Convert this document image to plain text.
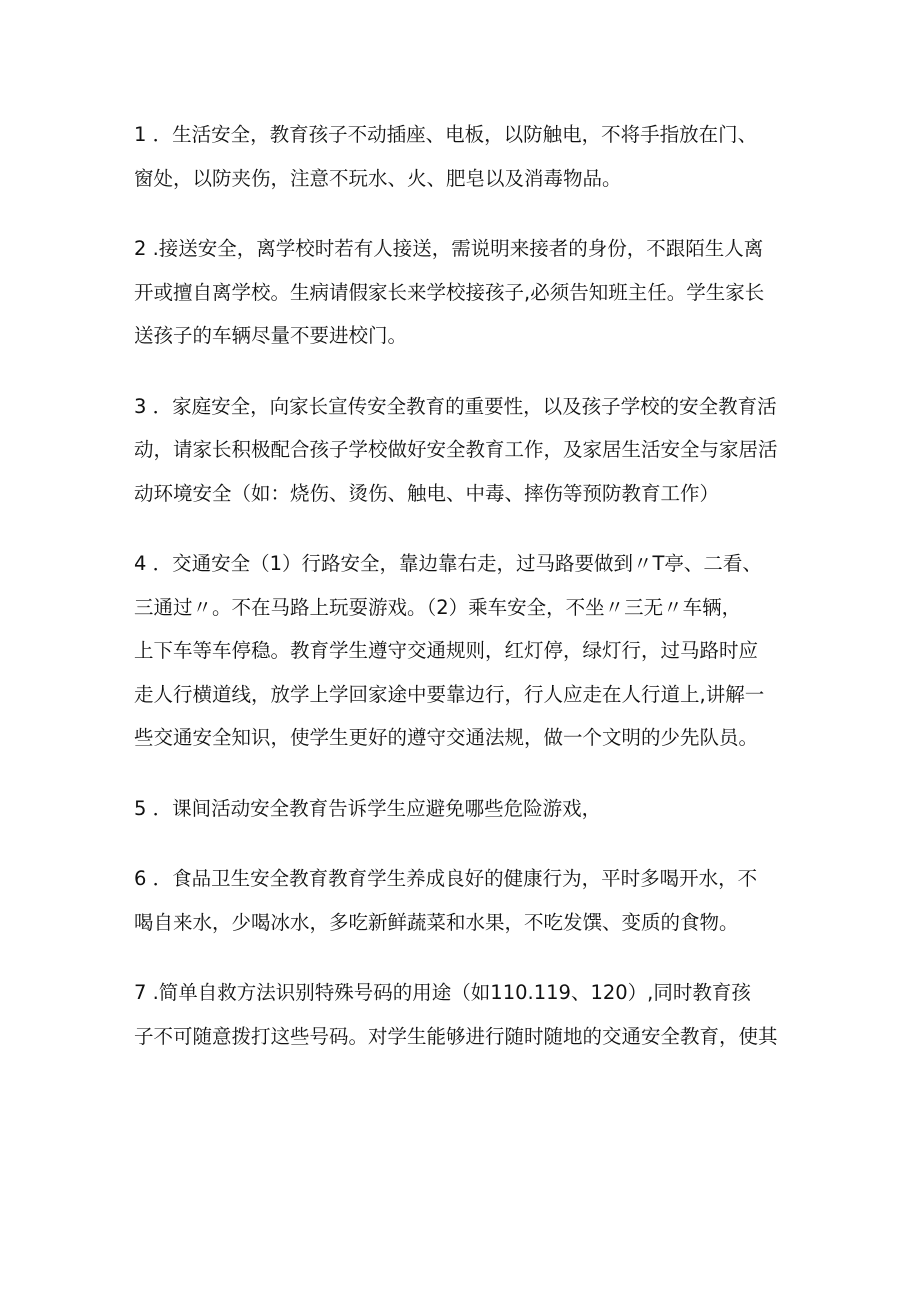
1 ．生活安全，教育孩子不动插座、电板，以防触电，不将手指放在门、
窗处，以防夹伤，注意不玩水、火、肥皂以及消毒物品。
2 .接送安全，离学校时若有人接送，需说明来接者的身份，不跟陌生人离
开或擅自离学校。生病请假家长来学校接孩子,必须告知班主任。学生家长
送孩子的车辆尽量不要进校门。
3 ．家庭安全，向家长宣传安全教育的重要性，以及孩子学校的安全教育活
动，请家长积极配合孩子学校做好安全教育工作，及家居生活安全与家居活
动环境安全（如：烧伤、烫伤、触电、中毒、摔伤等预防教育工作）
4 ．交通安全（1）行路安全，靠边靠右走，过马路要做到〃T亭、二看、
三通过〃。不在马路上玩耍游戏。（2）乘车安全，不坐〃三无〃车辆，
上下车等车停稳。教育学生遵守交通规则，红灯停，绿灯行，过马路时应
走人行横道线，放学上学回家途中要靠边行，行人应走在人行道上,讲解一
些交通安全知识，使学生更好的遵守交通法规，做一个文明的少先队员。
5 ．课间活动安全教育告诉学生应避免哪些危险游戏，
6 ．食品卫生安全教育教育学生养成良好的健康行为，平时多喝开水，不
喝自来水，少喝冰水，多吃新鲜蔬菜和水果，不吃发馔、变质的食物。
7 .简单自救方法识别特殊号码的用途（如110.119、120）,同时教育孩
子不可随意拨打这些号码。对学生能够进行随时随地的交通安全教育，使其
